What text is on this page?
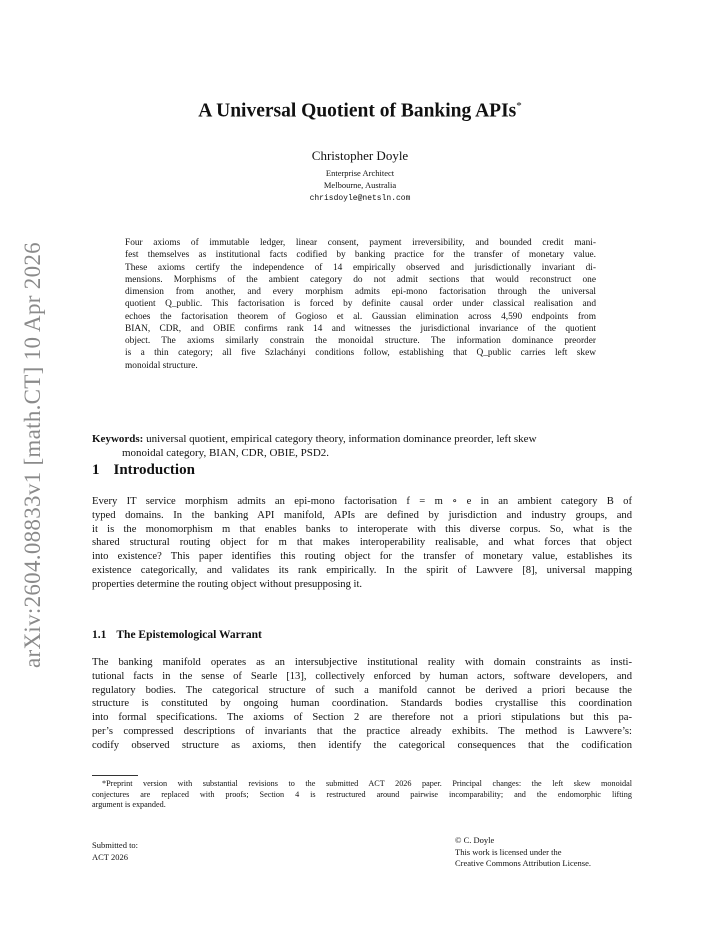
arXiv:2604.08833v1 [math.CT] 10 Apr 2026
A Universal Quotient of Banking APIs*
Christopher Doyle
Enterprise Architect
Melbourne, Australia
chrisdoyle@netsln.com
Four axioms of immutable ledger, linear consent, payment irreversibility, and bounded credit mani-
fest themselves as institutional facts codified by banking practice for the transfer of monetary value.
These axioms certify the independence of 14 empirically observed and jurisdictionally invariant di-
mensions. Morphisms of the ambient category do not admit sections that would reconstruct one
dimension from another, and every morphism admits epi-mono factorisation through the universal
quotient Q_public. This factorisation is forced by definite causal order under classical realisation and
echoes the factorisation theorem of Gogioso et al. Gaussian elimination across 4,590 endpoints from
BIAN, CDR, and OBIE confirms rank 14 and witnesses the jurisdictional invariance of the quotient
object. The axioms similarly constrain the monoidal structure. The information dominance preorder
is a thin category; all five Szlachányi conditions follow, establishing that Q_public carries left skew
monoidal structure.
Keywords: universal quotient, empirical category theory, information dominance preorder, left skew
monoidal category, BIAN, CDR, OBIE, PSD2.
1 Introduction
Every IT service morphism admits an epi-mono factorisation f = m ∘ e in an ambient category B of
typed domains. In the banking API manifold, APIs are defined by jurisdiction and industry groups, and
it is the monomorphism m that enables banks to interoperate with this diverse corpus. So, what is the
shared structural routing object for m that makes interoperability realisable, and what forces that object
into existence? This paper identifies this routing object for the transfer of monetary value, establishes its
existence categorically, and validates its rank empirically. In the spirit of Lawvere [8], universal mapping
properties determine the routing object without presupposing it.
1.1 The Epistemological Warrant
The banking manifold operates as an intersubjective institutional reality with domain constraints as insti-
tutional facts in the sense of Searle [13], collectively enforced by human actors, software developers, and
regulatory bodies. The categorical structure of such a manifold cannot be derived a priori because the
structure is constituted by ongoing human coordination. Standards bodies crystallise this coordination
into formal specifications. The axioms of Section 2 are therefore not a priori stipulations but this pa-
per’s compressed descriptions of invariants that the practice already exhibits. The method is Lawvere’s:
codify observed structure as axioms, then identify the categorical consequences that the codification
*Preprint version with substantial revisions to the submitted ACT 2026 paper. Principal changes: the left skew monoidal
conjectures are replaced with proofs; Section 4 is restructured around pairwise incomparability; and the endomorphic lifting
argument is expanded.
Submitted to:
ACT 2026
© C. Doyle
This work is licensed under the
Creative Commons Attribution License.
